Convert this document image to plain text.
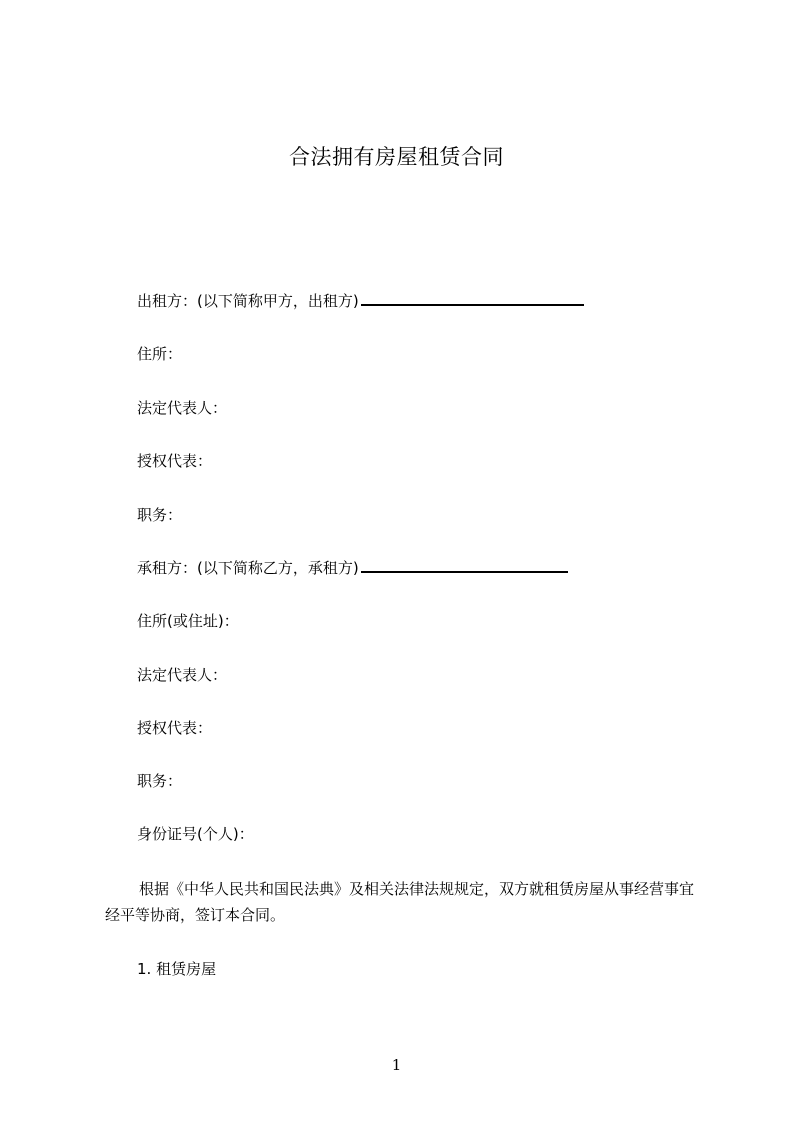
合法拥有房屋租赁合同
出租方：(以下简称甲方，出租方)
住所：
法定代表人：
授权代表：
职务：
承租方：(以下简称乙方，承租方)
住所(或住址)：
法定代表人：
授权代表：
职务：
身份证号(个人)：
根据《中华人民共和国民法典》及相关法律法规规定，双方就租赁房屋从事经营事宜经平等协商，签订本合同。
1. 租赁房屋
1
